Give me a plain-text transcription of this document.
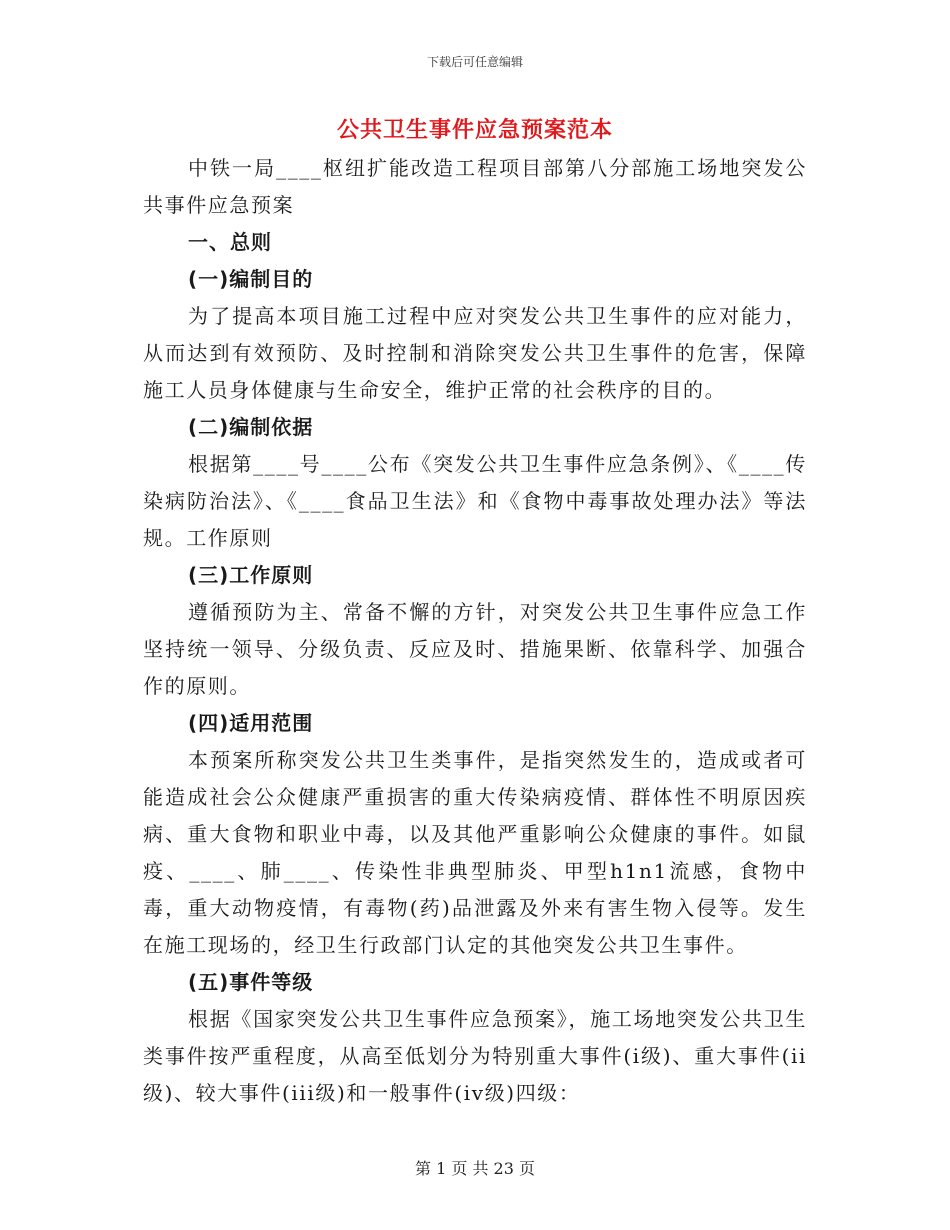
下载后可任意编辑
公共卫生事件应急预案范本

中铁一局____枢纽扩能改造工程项目部第八分部施工场地突发公共事件应急预案

一、总则

(一)编制目的

为了提高本项目施工过程中应对突发公共卫生事件的应对能力，从而达到有效预防、及时控制和消除突发公共卫生事件的危害，保障施工人员身体健康与生命安全，维护正常的社会秩序的目的。

(二)编制依据

根据第____号____公布《突发公共卫生事件应急条例》、《____传染病防治法》、《____食品卫生法》和《食物中毒事故处理办法》等法规。工作原则

(三)工作原则

遵循预防为主、常备不懈的方针，对突发公共卫生事件应急工作坚持统一领导、分级负责、反应及时、措施果断、依靠科学、加强合作的原则。

(四)适用范围

本预案所称突发公共卫生类事件，是指突然发生的，造成或者可能造成社会公众健康严重损害的重大传染病疫情、群体性不明原因疾病、重大食物和职业中毒，以及其他严重影响公众健康的事件。如鼠疫、____、肺____、传染性非典型肺炎、甲型h1n1流感，食物中毒，重大动物疫情，有毒物(药)品泄露及外来有害生物入侵等。发生在施工现场的，经卫生行政部门认定的其他突发公共卫生事件。

(五)事件等级

根据《国家突发公共卫生事件应急预案》，施工场地突发公共卫生类事件按严重程度，从高至低划分为特别重大事件(i级)、重大事件(ii级)、较大事件(iii级)和一般事件(iv级)四级：

第 1 页 共 23 页
